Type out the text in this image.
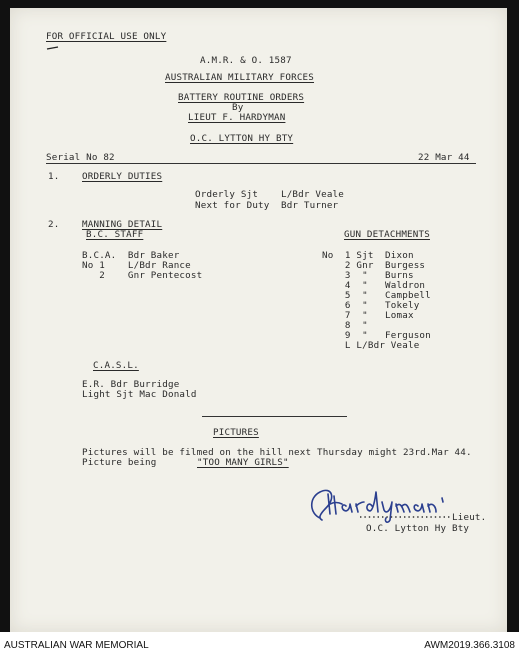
FOR OFFICIAL USE ONLY
A.M.R. & O. 1587
AUSTRALIAN MILITARY FORCES
BATTERY ROUTINE ORDERS
By
LIEUT F. HARDYMAN
O.C. LYTTON HY BTY
Serial No 82	22 Mar 44
1. ORDERLY DUTIES
Orderly Sjt    L/Bdr Veale
Next for Duty  Bdr Turner
2. MANNING DETAIL
B.C. STAFF
B.C.A.  Bdr Baker
No 1    L/Bdr Rance
2    Gnr Pentecost
GUN DETACHMENTS
No  1 Sjt  Dixon
2 Gnr  Burgess
3  "   Burns
4  "   Waldron
5  "   Campbell
6  "   Tokely
7  "   Lomax
8  "
9  "   Ferguson
L L/Bdr Veale
C.A.S.L.
E.R. Bdr Burridge
Light Sjt Mac Donald
PICTURES
Pictures will be filmed on the hill next Thursday might 23rd.Mar 44.
Picture being	"TOO MANY GIRLS"
Lieut.
O.C. Lytton Hy Bty
AUSTRALIAN WAR MEMORIAL	AWM2019.366.3108
